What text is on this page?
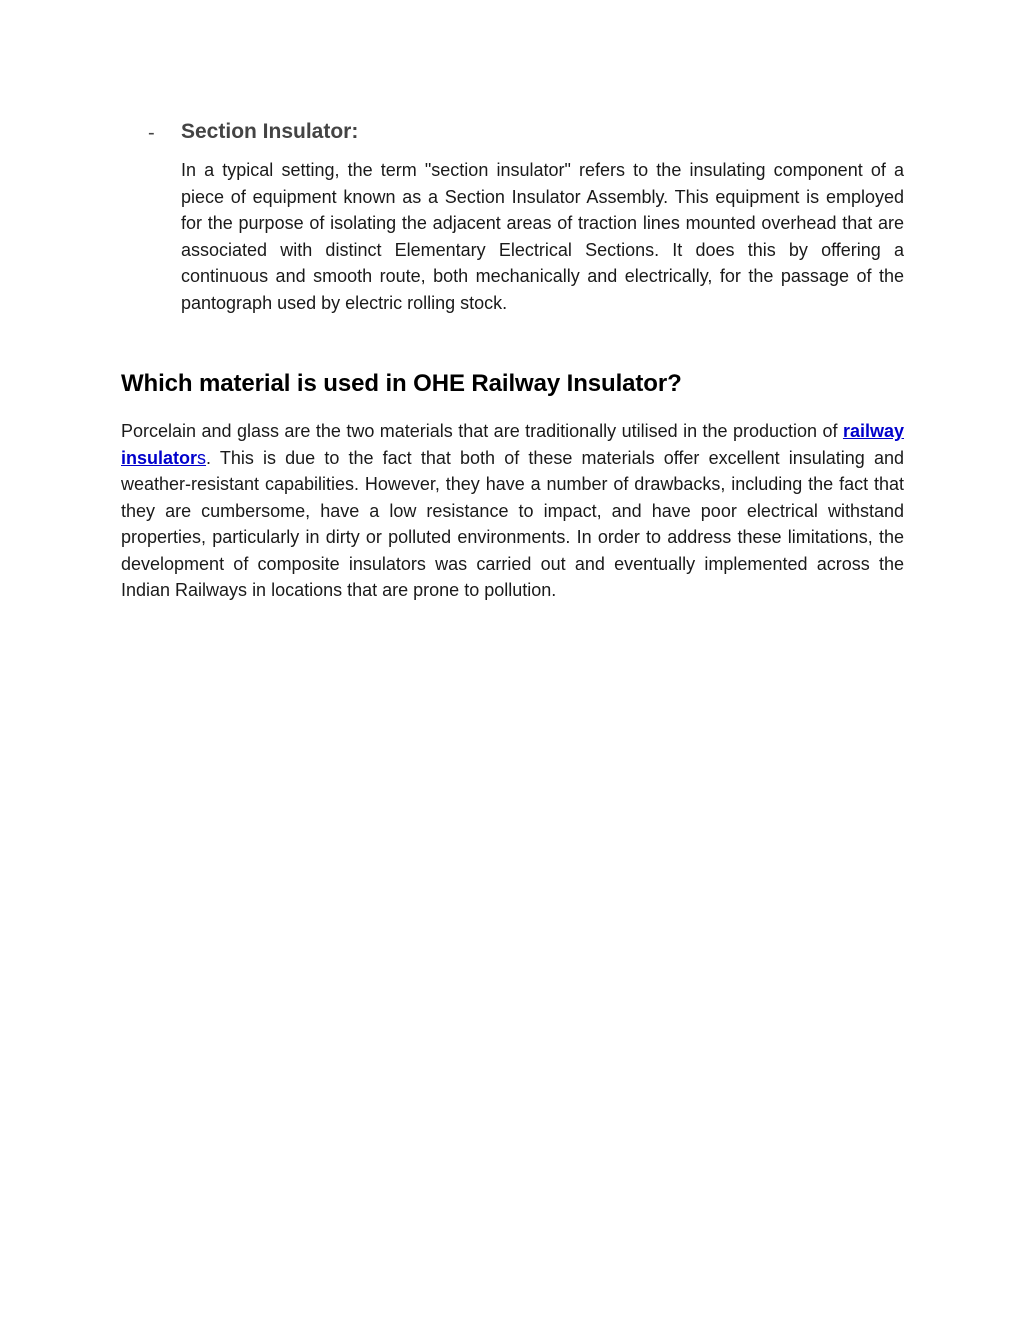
- Section Insulator:

In a typical setting, the term "section insulator" refers to the insulating component of a piece of equipment known as a Section Insulator Assembly. This equipment is employed for the purpose of isolating the adjacent areas of traction lines mounted overhead that are associated with distinct Elementary Electrical Sections. It does this by offering a continuous and smooth route, both mechanically and electrically, for the passage of the pantograph used by electric rolling stock.

Which material is used in OHE Railway Insulator?

Porcelain and glass are the two materials that are traditionally utilised in the production of railway insulators. This is due to the fact that both of these materials offer excellent insulating and weather-resistant capabilities. However, they have a number of drawbacks, including the fact that they are cumbersome, have a low resistance to impact, and have poor electrical withstand properties, particularly in dirty or polluted environments. In order to address these limitations, the development of composite insulators was carried out and eventually implemented across the Indian Railways in locations that are prone to pollution.
